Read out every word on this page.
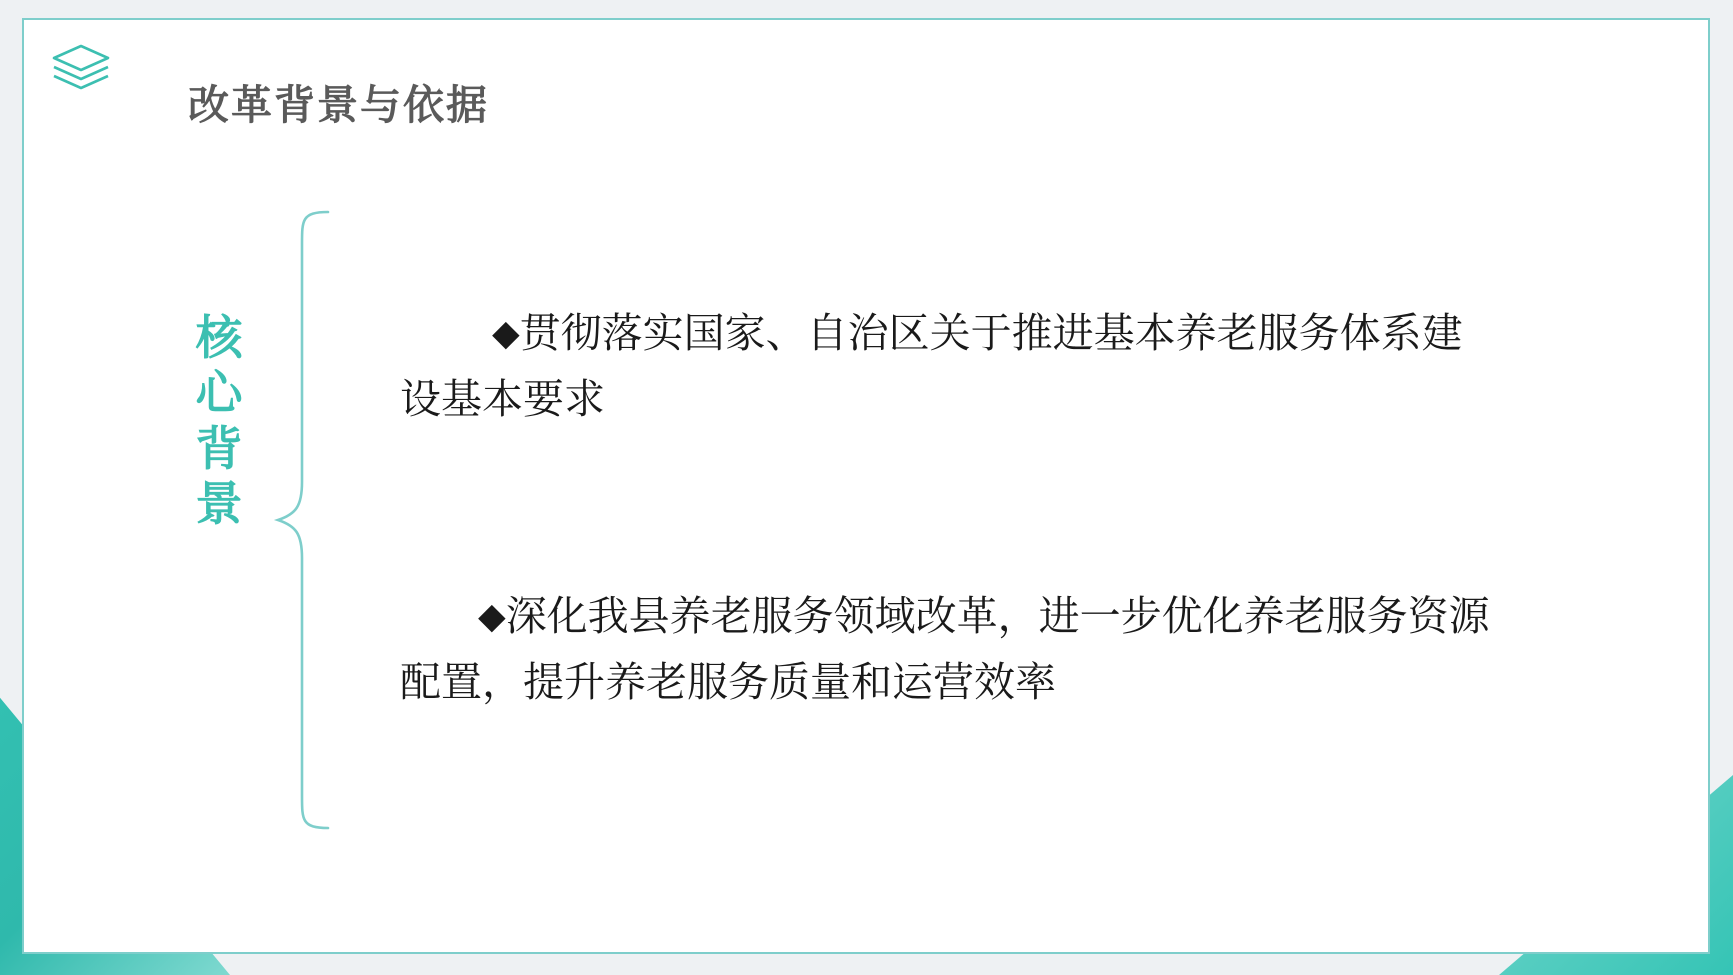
改革背景与依据
核
心
背
景
◆贯彻落实国家、自治区关于推进基本养老服务体系建设基本要求
◆深化我县养老服务领域改革，进一步优化养老服务资源配置，提升养老服务质量和运营效率
